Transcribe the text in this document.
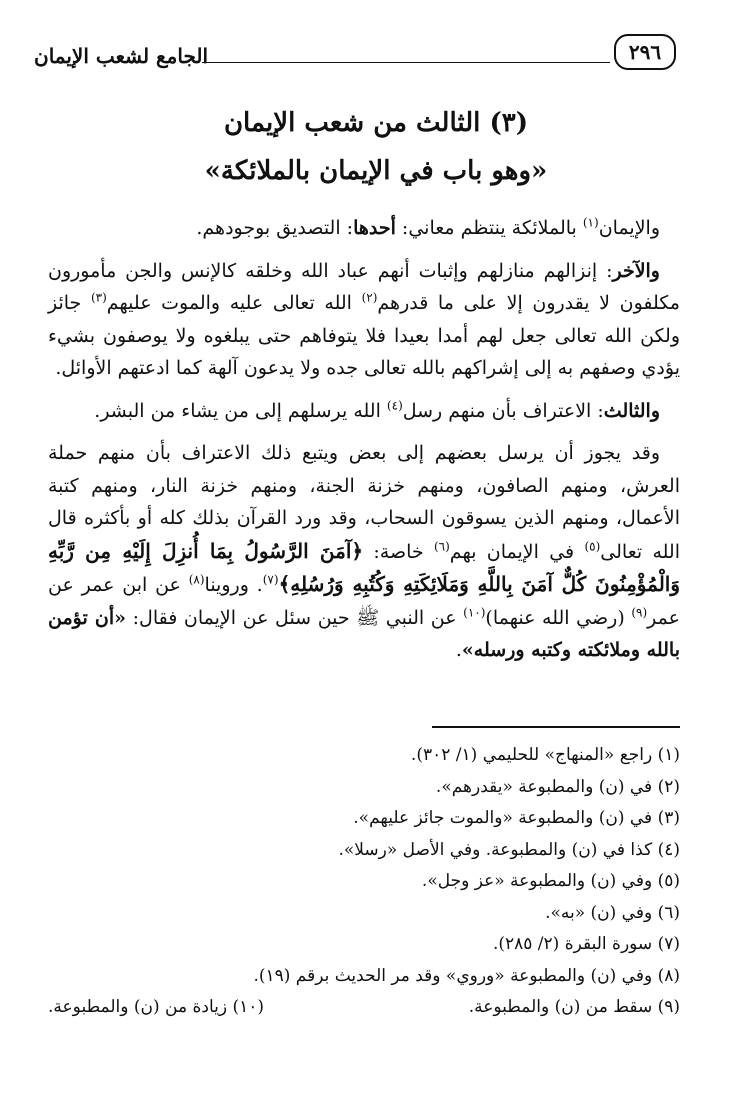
٢٩٦
الجامع لشعب الإيمان
(٣) الثالث من شعب الإيمان
«وهو باب في الإيمان بالملائكة»

والإيمان$^{(١)}$ بالملائكة ينتظم معاني: أحدها: التصديق بوجودهم.

والآخر: إنزالهم منازلهم وإثبات أنهم عباد الله وخلقه كالإنس والجن مأمورون مكلفون لا يقدرون إلا على ما قدرهم$^{(٢)}$ الله تعالى عليه والموت عليهم$^{(٣)}$ جائز ولكن الله تعالى جعل لهم أمدا بعيدا فلا يتوفاهم حتى يبلغوه ولا يوصفون بشيء يؤدي وصفهم به إلى إشراكهم بالله تعالى جده ولا يدعون آلهة كما ادعتهم الأوائل.

والثالث: الاعتراف بأن منهم رسل$^{(٤)}$ الله يرسلهم إلى من يشاء من البشر.

وقد يجوز أن يرسل بعضهم إلى بعض ويتبع ذلك الاعتراف بأن منهم حملة العرش، ومنهم الصافون، ومنهم خزنة الجنة، ومنهم خزنة النار، ومنهم كتبة الأعمال، ومنهم الذين يسوقون السحاب، وقد ورد القرآن بذلك كله أو بأكثره قال الله تعالى$^{(٥)}$ في الإيمان بهم$^{(٦)}$ خاصة: ﴿آمَنَ الرَّسُولُ بِمَا أُنزِلَ إِلَيْهِ مِن رَّبِّهِ وَالْمُؤْمِنُونَ كُلٌّ آمَنَ بِاللَّهِ وَمَلَائِكَتِهِ وَكُتُبِهِ وَرُسُلِهِ﴾$^{(٧)}$. وروينا$^{(٨)}$ عن ابن عمر عن عمر$^{(٩)}$ (رضي الله عنهما)$^{(١٠)}$ عن النبي ﷺ حين سئل عن الإيمان فقال: «أن تؤمن بالله وملائكته وكتبه ورسله».

(١) راجع «المنهاج» للحليمي (١/ ٣٠٢).
(٢) في (ن) والمطبوعة «يقدرهم».
(٣) في (ن) والمطبوعة «والموت جائز عليهم».
(٤) كذا في (ن) والمطبوعة. وفي الأصل «رسلا».
(٥) وفي (ن) والمطبوعة «عز وجل».
(٦) وفي (ن) «به».
(٧) سورة البقرة (٢/ ٢٨٥).
(٨) وفي (ن) والمطبوعة «وروي» وقد مر الحديث برقم (١٩).
(٩) سقط من (ن) والمطبوعة.
(١٠) زيادة من (ن) والمطبوعة.
